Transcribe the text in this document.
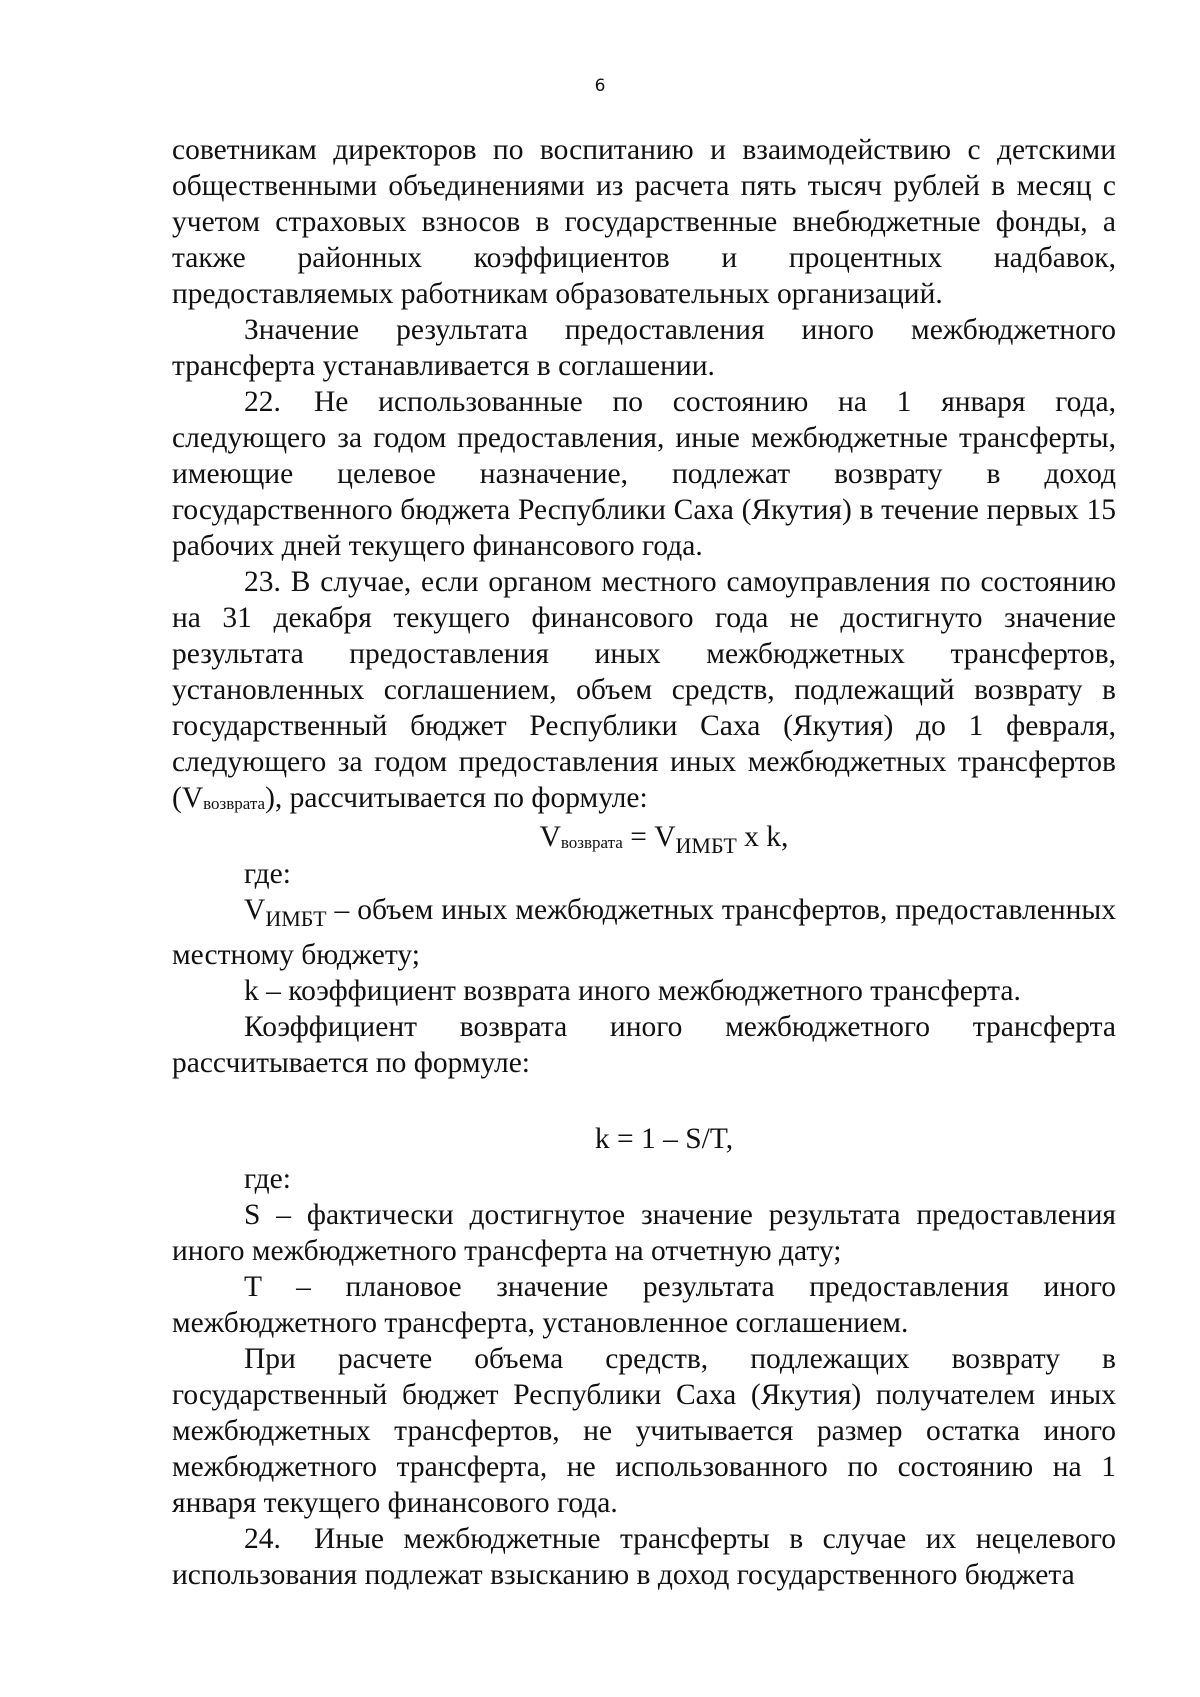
6

советникам директоров по воспитанию и взаимодействию с детскими общественными объединениями из расчета пять тысяч рублей в месяц с учетом страховых взносов в государственные внебюджетные фонды, а также районных коэффициентов и процентных надбавок, предоставляемых работникам образовательных организаций.

Значение результата предоставления иного межбюджетного трансферта устанавливается в соглашении.

22. Не использованные по состоянию на 1 января года, следующего за годом предоставления, иные межбюджетные трансферты, имеющие целевое назначение, подлежат возврату в доход государственного бюджета Республики Саха (Якутия) в течение первых 15 рабочих дней текущего финансового года.

23. В случае, если органом местного самоуправления по состоянию на 31 декабря текущего финансового года не достигнуто значение результата предоставления иных межбюджетных трансфертов, установленных соглашением, объем средств, подлежащий возврату в государственный бюджет Республики Саха (Якутия) до 1 февраля, следующего за годом предоставления иных межбюджетных трансфертов $(V_{возврата})$, рассчитывается по формуле:

$V_{возврата} = V_{ИМБТ}$ x k,

где:

$V_{ИМБТ}$ – объем иных межбюджетных трансфертов, предоставленных местному бюджету;

k – коэффициент возврата иного межбюджетного трансферта.

Коэффициент возврата иного межбюджетного трансферта рассчитывается по формуле:

k = 1 – S/T,

где:

S – фактически достигнутое значение результата предоставления иного межбюджетного трансферта на отчетную дату;

T – плановое значение результата предоставления иного межбюджетного трансферта, установленное соглашением.

При расчете объема средств, подлежащих возврату в государственный бюджет Республики Саха (Якутия) получателем иных межбюджетных трансфертов, не учитывается размер остатка иного межбюджетного трансферта, не использованного по состоянию на 1 января текущего финансового года.

24. Иные межбюджетные трансферты в случае их нецелевого использования подлежат взысканию в доход государственного бюджета
